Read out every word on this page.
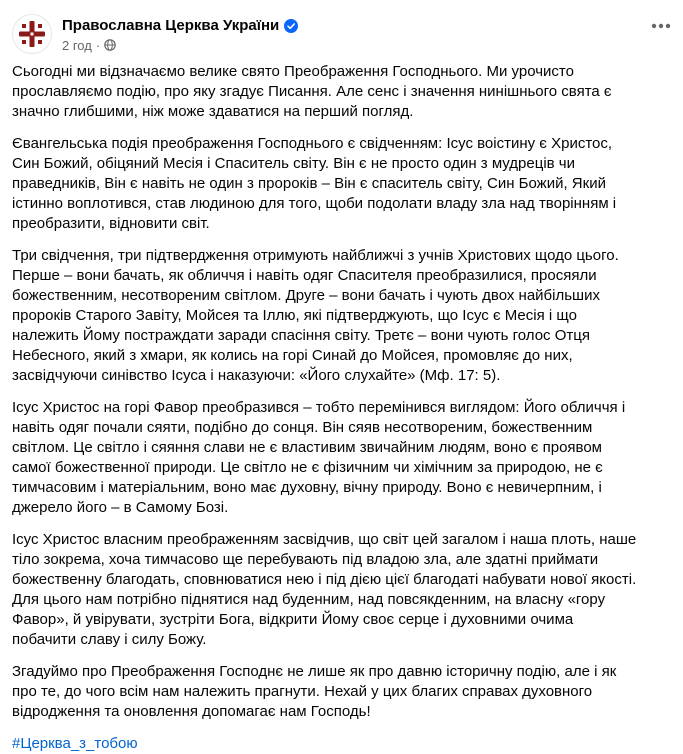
Православна Церква України
2 год ·

Сьогодні ми відзначаємо велике свято Преображення Господнього. Ми урочисто прославляємо подію, про яку згадує Писання. Але сенс і значення нинішнього свята є значно глибшими, ніж може здаватися на перший погляд.

Євангельська подія преображення Господнього є свідченням: Ісус воістину є Христос, Син Божий, обіцяний Месія і Спаситель світу. Він є не просто один з мудреців чи праведників, Він є навіть не один з пророків – Він є спаситель світу, Син Божий, Який істинно воплотився, став людиною для того, щоби подолати владу зла над творінням і преобразити, відновити світ.

Три свідчення, три підтвердження отримують найближчі з учнів Христових щодо цього. Перше – вони бачать, як обличчя і навіть одяг Спасителя преобразилися, просяяли божественним, несотвореним світлом. Друге – вони бачать і чують двох найбільших пророків Старого Завіту, Мойсея та Іллю, які підтверджують, що Ісус є Месія і що належить Йому постраждати заради спасіння світу. Третє – вони чують голос Отця Небесного, який з хмари, як колись на горі Синай до Мойсея, промовляє до них, засвідчуючи синівство Ісуса і наказуючи: «Його слухайте» (Мф. 17: 5).

Ісус Христос на горі Фавор преобразився – тобто перемінився виглядом: Його обличчя і навіть одяг почали сяяти, подібно до сонця. Він сяяв несотвореним, божественним світлом. Це світло і сяяння слави не є властивим звичайним людям, воно є проявом самої божественної природи. Це світло не є фізичним чи хімічним за природою, не є тимчасовим і матеріальним, воно має духовну, вічну природу. Воно є невичерпним, і джерело його – в Самому Бозі.

Ісус Христос власним преображенням засвідчив, що світ цей загалом і наша плоть, наше тіло зокрема, хоча тимчасово ще перебувають під владою зла, але здатні приймати божественну благодать, сповнюватися нею і під дією цієї благодаті набувати нової якості. Для цього нам потрібно піднятися над буденним, над повсякденним, на власну «гору Фавор», й увірувати, зустріти Бога, відкрити Йому своє серце і духовними очима побачити славу і силу Божу.

Згадуймо про Преображення Господнє не лише як про давню історичну подію, але і як про те, до чого всім нам належить прагнути. Нехай у цих благих справах духовного відродження та оновлення допомагає нам Господь!

#Церква_з_тобою
